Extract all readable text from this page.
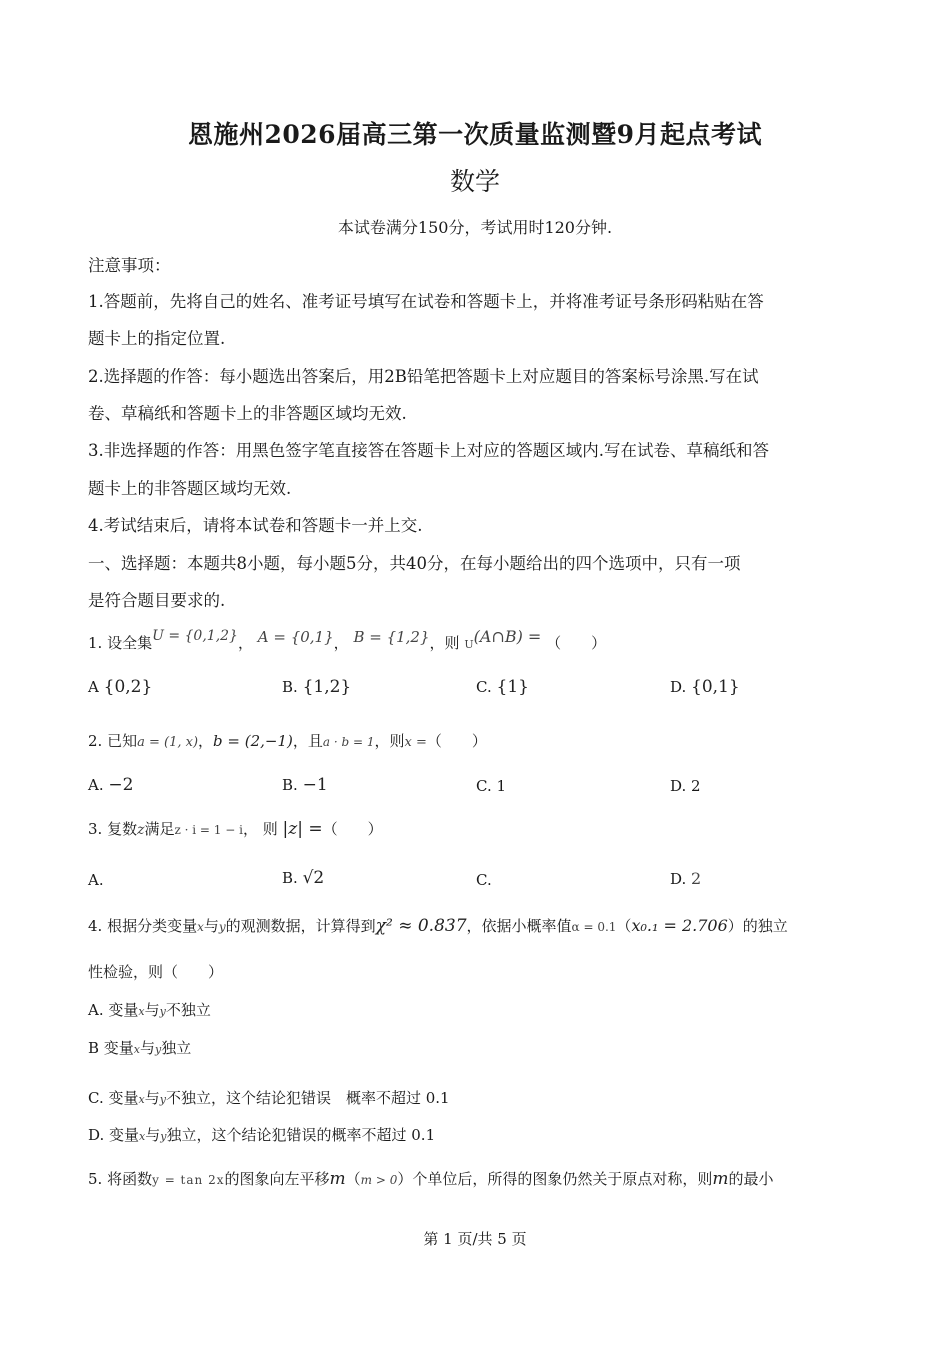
恩施州2026届高三第一次质量监测暨9月起点考试
数学
本试卷满分150分，考试用时120分钟.
注意事项：
1.答题前，先将自己的姓名、准考证号填写在试卷和答题卡上，并将准考证号条形码粘贴在答
题卡上的指定位置.
2.选择题的作答：每小题选出答案后，用2B铅笔把答题卡上对应题目的答案标号涂黑.写在试
卷、草稿纸和答题卡上的非答题区域均无效.
3.非选择题的作答：用黑色签字笔直接答在答题卡上对应的答题区域内.写在试卷、草稿纸和答
题卡上的非答题区域均无效.
4.考试结束后，请将本试卷和答题卡一并上交.
一、选择题：本题共8小题，每小题5分，共40分，在每小题给出的四个选项中，只有一项
是符合题目要求的.
1. 设全集U = {0,1,2}， A = {0,1}， B = {1,2}，则 U(A∩B) = （　　）
A {0,2}	B. {1,2}	C. {1}	D. {0,1}
2. 已知a = (1, x)，b = (2,−1)，且a · b = 1，则x =（　　）
A. −2	B. −1	C. 1	D. 2
3. 复数z满足z · i = 1 − i， 则 |z| =（　　）
A.	B. √2	C.	D. 2
4. 根据分类变量x与y的观测数据，计算得到χ² ≈ 0.837，依据小概率值α = 0.1（x₀.₁ = 2.706）的独立
性检验，则（　　）
A. 变量x与y不独立
B 变量x与y独立
C. 变量x与y不独立，这个结论犯错误　概率不超过 0.1
D. 变量x与y独立，这个结论犯错误的概率不超过 0.1
5. 将函数y = tan 2x的图象向左平移m（m > 0）个单位后，所得的图象仍然关于原点对称，则m的最小
第 1 页/共 5 页
